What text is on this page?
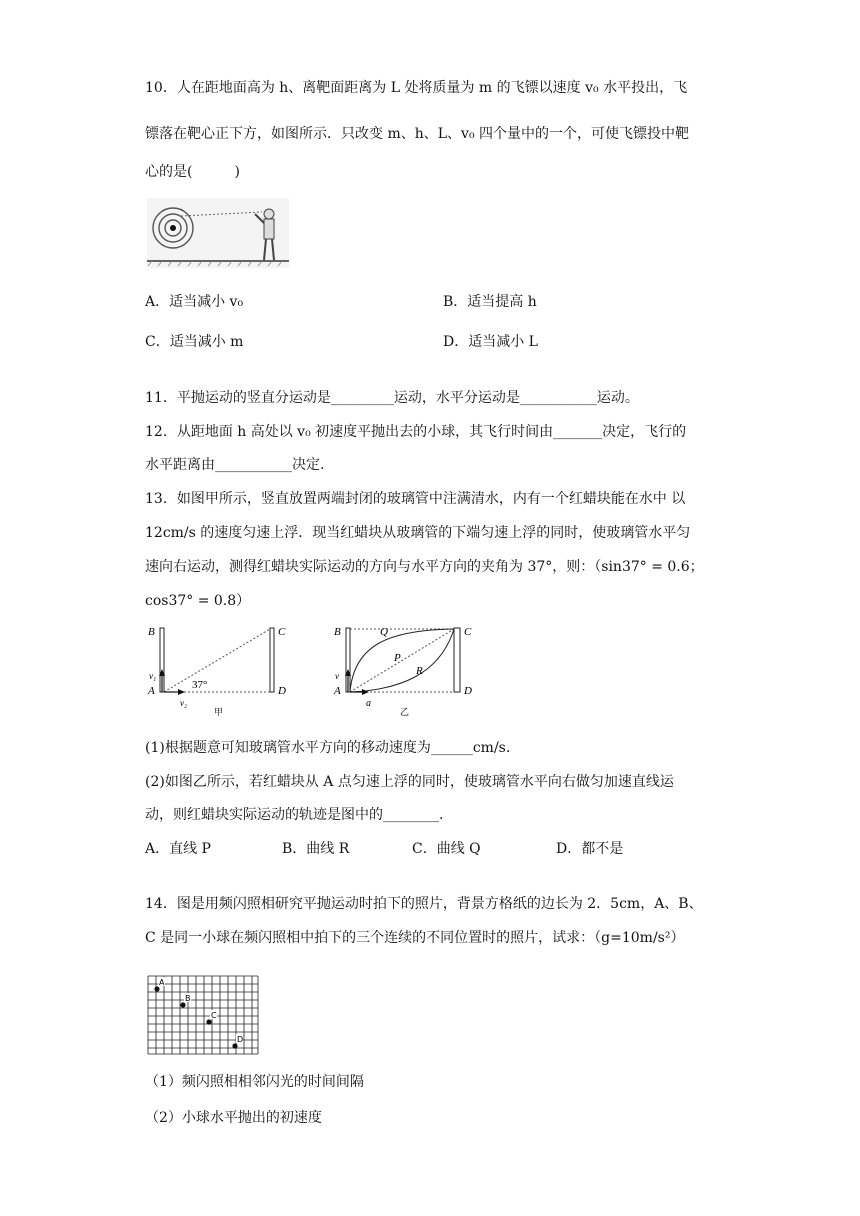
10．人在距地面高为 h、离靶面距离为 L 处将质量为 m 的飞镖以速度 v₀ 水平投出，飞
镖落在靶心正下方，如图所示．只改变 m、h、L、v₀ 四个量中的一个，可使飞镖投中靶
心的是(　　　)
A．适当减小 v₀	B．适当提高 h
C．适当减小 m	D．适当减小 L
11．平抛运动的竖直分运动是_________运动，水平分运动是___________运动。
12．从距地面 h 高处以 v₀ 初速度平抛出去的小球，其飞行时间由_______决定，飞行的
水平距离由___________决定.
13．如图甲所示，竖直放置两端封闭的玻璃管中注满清水，内有一个红蜡块能在水中 以
12cm/s 的速度匀速上浮．现当红蜡块从玻璃管的下端匀速上浮的同时，使玻璃管水平匀
速向右运动，测得红蜡块实际运动的方向与水平方向的夹角为 37°，则：（sin37° = 0.6；
cos37° = 0.8）
B	C
A	D
v₁
v₂
37°
甲
B	C
A	D
Q
P
R
v
a
乙
(1)根据题意可知玻璃管水平方向的移动速度为______cm/s.
(2)如图乙所示，若红蜡块从 A 点匀速上浮的同时，使玻璃管水平向右做匀加速直线运
动，则红蜡块实际运动的轨迹是图中的________.
A．直线 P	B．曲线 R	C．曲线 Q	D．都不是
14．图是用频闪照相研究平抛运动时拍下的照片，背景方格纸的边长为 2．5cm，A、B、
C 是同一小球在频闪照相中拍下的三个连续的不同位置时的照片，试求：（g=10m/s²）
A
B
C
D
（1）频闪照相相邻闪光的时间间隔
（2）小球水平抛出的初速度
